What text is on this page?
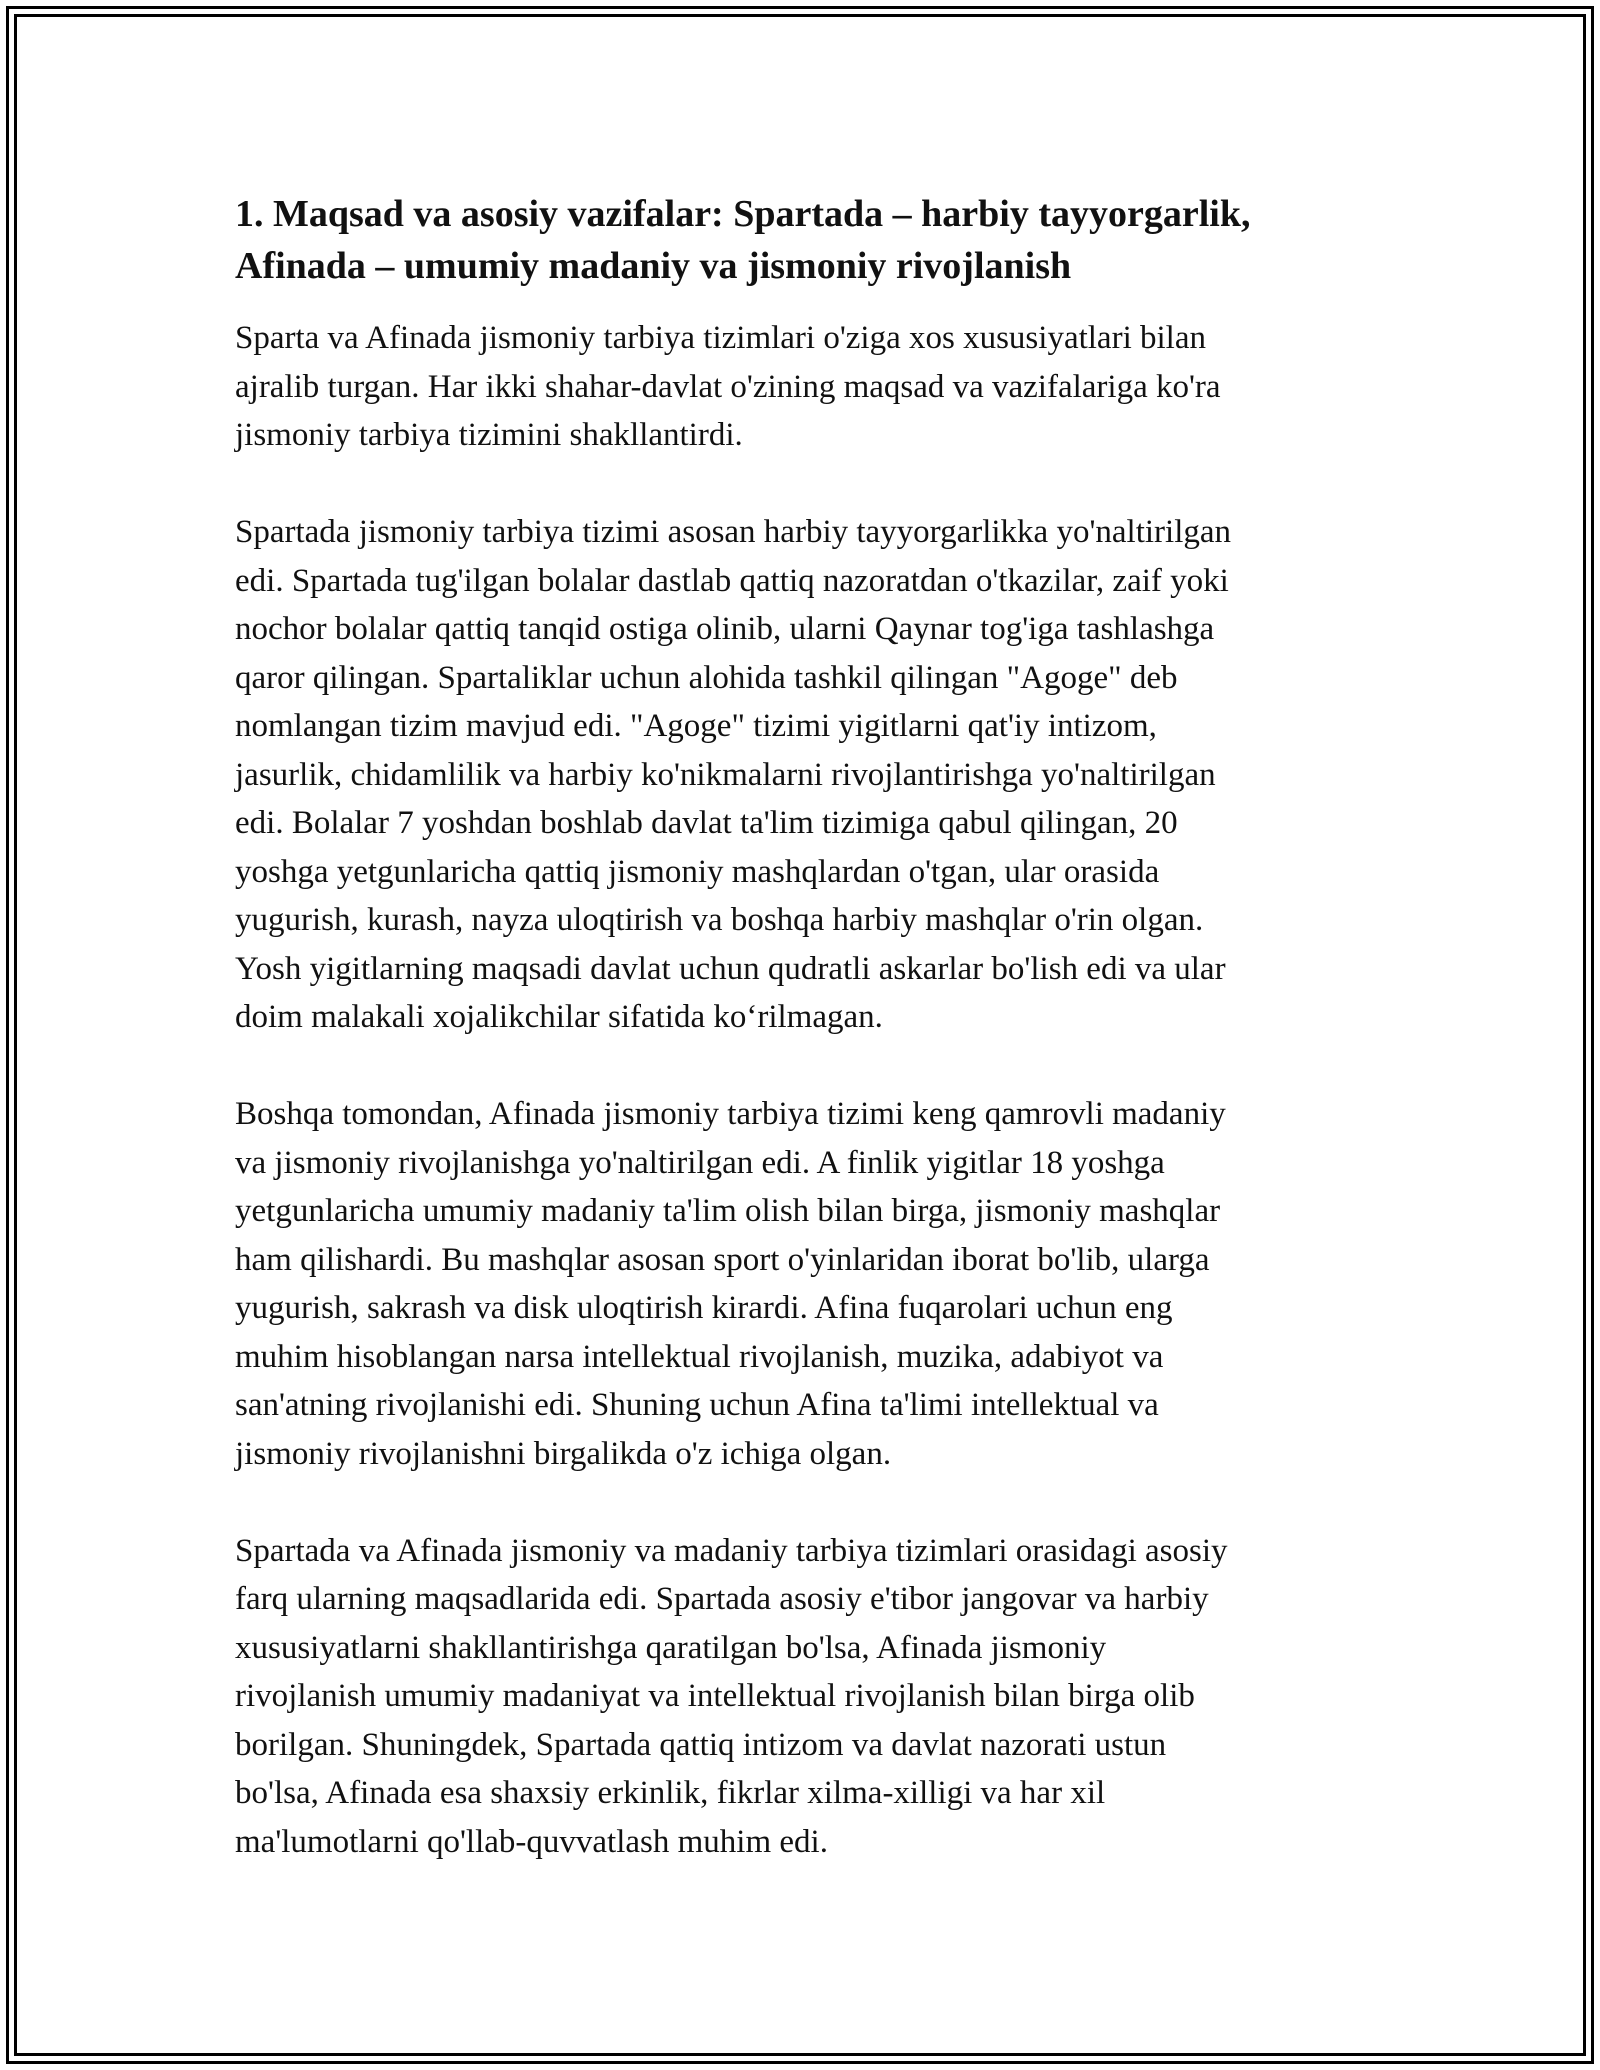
1. Maqsad va asosiy vazifalar: Spartada – harbiy tayyorgarlik,
Afinada – umumiy madaniy va jismoniy rivojlanish

Sparta va Afinada jismoniy tarbiya tizimlari o'ziga xos xususiyatlari bilan
ajralib turgan. Har ikki shahar-davlat o'zining maqsad va vazifalariga ko'ra
jismoniy tarbiya tizimini shakllantirdi.

Spartada jismoniy tarbiya tizimi asosan harbiy tayyorgarlikka yo'naltirilgan
edi. Spartada tug'ilgan bolalar dastlab qattiq nazoratdan o'tkazilar, zaif yoki
nochor bolalar qattiq tanqid ostiga olinib, ularni Qaynar tog'iga tashlashga
qaror qilingan. Spartaliklar uchun alohida tashkil qilingan "Agoge" deb
nomlangan tizim mavjud edi. "Agoge" tizimi yigitlarni qat'iy intizom,
jasurlik, chidamlilik va harbiy ko'nikmalarni rivojlantirishga yo'naltirilgan
edi. Bolalar 7 yoshdan boshlab davlat ta'lim tizimiga qabul qilingan, 20
yoshga yetgunlaricha qattiq jismoniy mashqlardan o'tgan, ular orasida
yugurish, kurash, nayza uloqtirish va boshqa harbiy mashqlar o'rin olgan.
Yosh yigitlarning maqsadi davlat uchun qudratli askarlar bo'lish edi va ular
doim malakali xojalikchilar sifatida koʻrilmagan.

Boshqa tomondan, Afinada jismoniy tarbiya tizimi keng qamrovli madaniy
va jismoniy rivojlanishga yo'naltirilgan edi. A finlik yigitlar 18 yoshga
yetgunlaricha umumiy madaniy ta'lim olish bilan birga, jismoniy mashqlar
ham qilishardi. Bu mashqlar asosan sport o'yinlaridan iborat bo'lib, ularga
yugurish, sakrash va disk uloqtirish kirardi. Afina fuqarolari uchun eng
muhim hisoblangan narsa intellektual rivojlanish, muzika, adabiyot va
san'atning rivojlanishi edi. Shuning uchun Afina ta'limi intellektual va
jismoniy rivojlanishni birgalikda o'z ichiga olgan.

Spartada va Afinada jismoniy va madaniy tarbiya tizimlari orasidagi asosiy
farq ularning maqsadlarida edi. Spartada asosiy e'tibor jangovar va harbiy
xususiyatlarni shakllantirishga qaratilgan bo'lsa, Afinada jismoniy
rivojlanish umumiy madaniyat va intellektual rivojlanish bilan birga olib
borilgan. Shuningdek, Spartada qattiq intizom va davlat nazorati ustun
bo'lsa, Afinada esa shaxsiy erkinlik, fikrlar xilma-xilligi va har xil
ma'lumotlarni qo'llab-quvvatlash muhim edi.
